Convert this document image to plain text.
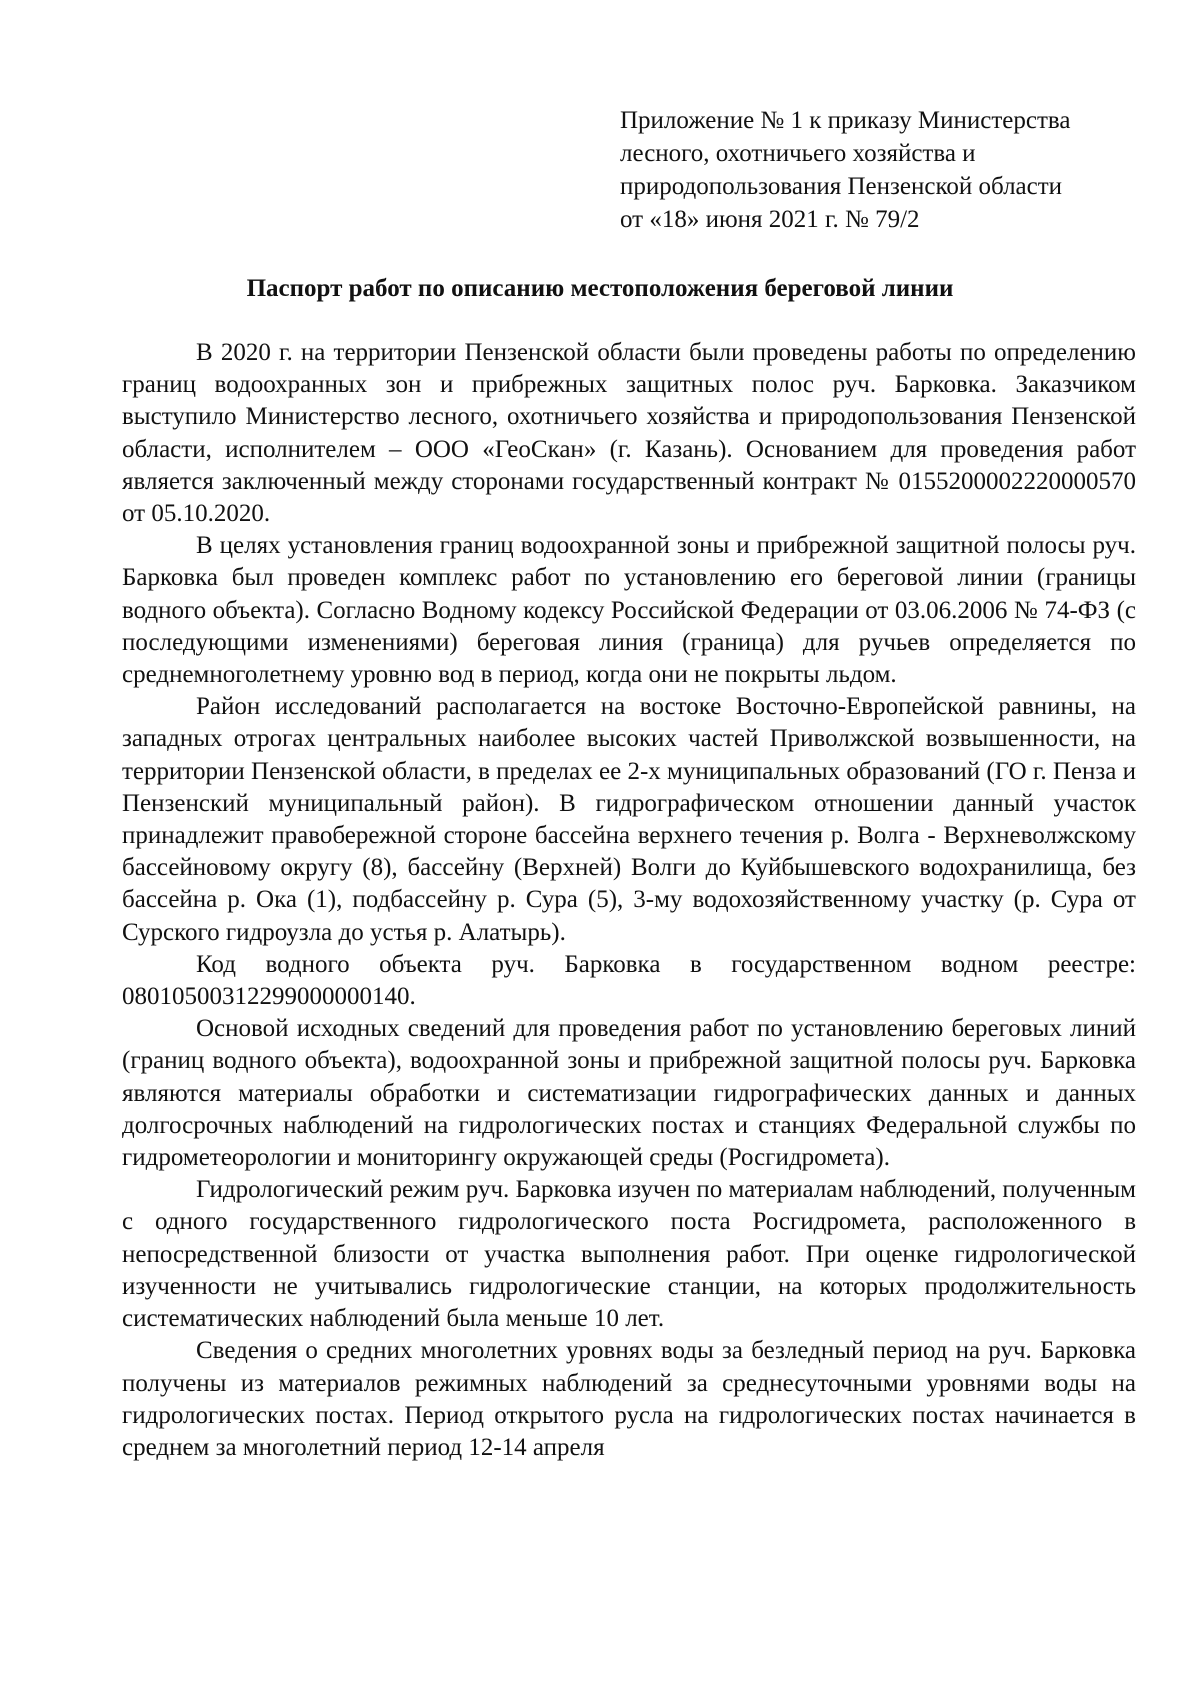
Приложение № 1 к приказу Министерства
лесного, охотничьего хозяйства и
природопользования Пензенской области
от «18» июня 2021 г. № 79/2
Паспорт работ по описанию местоположения береговой линии

В 2020 г. на территории Пензенской области были проведены работы по определению границ водоохранных зон и прибрежных защитных полос руч. Барковка. Заказчиком выступило Министерство лесного, охотничьего хозяйства и природопользования Пензенской области, исполнителем – ООО «ГеоСкан» (г. Казань). Основанием для проведения работ является заключенный между сторонами государственный контракт № 0155200002220000570 от 05.10.2020.

В целях установления границ водоохранной зоны и прибрежной защитной полосы руч. Барковка был проведен комплекс работ по установлению его береговой линии (границы водного объекта). Согласно Водному кодексу Российской Федерации от 03.06.2006 № 74-ФЗ (с последующими изменениями) береговая линия (граница) для ручьев определяется по среднемноголетнему уровню вод в период, когда они не покрыты льдом.

Район исследований располагается на востоке Восточно-Европейской равнины, на западных отрогах центральных наиболее высоких частей Приволжской возвышенности, на территории Пензенской области, в пределах ее 2-х муниципальных образований (ГО г. Пенза и Пензенский муниципальный район). В гидрографическом отношении данный участок принадлежит правобережной стороне бассейна верхнего течения р. Волга - Верхневолжскому бассейновому округу (8), бассейну (Верхней) Волги до Куйбышевского водохранилища, без бассейна р. Ока (1), подбассейну р. Сура (5), 3-му водохозяйственному участку (р. Сура от Сурского гидроузла до устья р. Алатырь).

Код водного объекта руч. Барковка в государственном водном реестре: 08010500312299000000140.

Основой исходных сведений для проведения работ по установлению береговых линий (границ водного объекта), водоохранной зоны и прибрежной защитной полосы руч. Барковка являются материалы обработки и систематизации гидрографических данных и данных долгосрочных наблюдений на гидрологических постах и станциях Федеральной службы по гидрометеорологии и мониторингу окружающей среды (Росгидромета).

Гидрологический режим руч. Барковка изучен по материалам наблюдений, полученным с одного государственного гидрологического поста Росгидромета, расположенного в непосредственной близости от участка выполнения работ. При оценке гидрологической изученности не учитывались гидрологические станции, на которых продолжительность систематических наблюдений была меньше 10 лет.

Сведения о средних многолетних уровнях воды за безледный период на руч. Барковка получены из материалов режимных наблюдений за среднесуточными уровнями воды на гидрологических постах. Период открытого русла на гидрологических постах начинается в среднем за многолетний период 12-14 апреля
